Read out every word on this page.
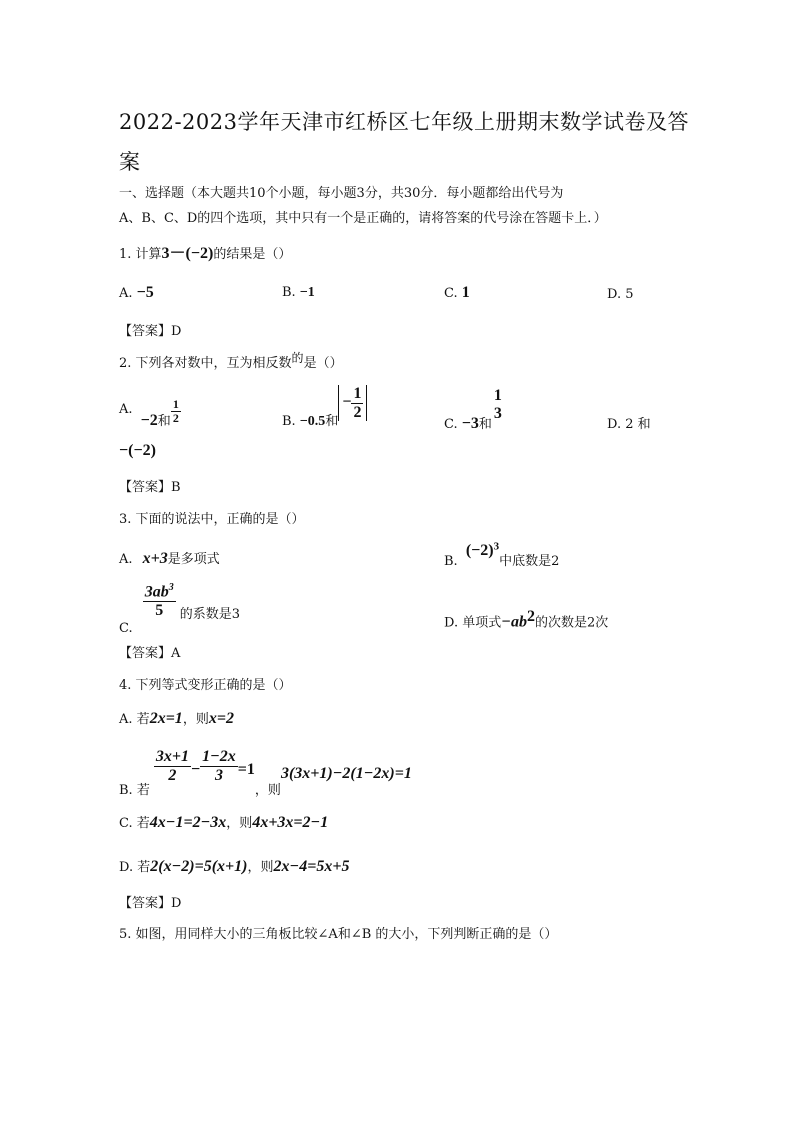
2022-2023学年天津市红桥区七年级上册期末数学试卷及答
案
一、选择题（本大题共10个小题，每小题3分，共30分．每小题都给出代号为
A、B、C、D的四个选项，其中只有一个是正确的，请将答案的代号涂在答题卡上．）
1. 计算3－(−2)的结果是（）
A. −5	B. −1	C. 1	D. 5
【答案】D
2. 下列各对数中，互为相反数的是（）
A. −2和 $\frac{1}{2}$	B. −0.5和− $\frac{1}{2}$
C. −3和
1
3
D. 2 和
−(−2)
【答案】B
3. 下面的说法中，正确的是（）
A. x+3是多项式	B. $(-2)^3$中底数是2
C.
$\frac{3ab^3}{5}$ 的系数是3
D. 单项式$-ab^2$的次数是2次
【答案】A
4. 下列等式变形正确的是（）
A. 若2x=1，则x=2
B. 若
$\frac{3x+1}{2} - \frac{1-2x}{3} =1$，则3(3x+1)−2(1−2x)=1
C. 若4x−1=2−3x，则4x+3x=2−1
D. 若2(x−2)=5(x+1)，则2x−4=5x+5
【答案】D
5. 如图，用同样大小的三角板比较∠A和∠B 的大小，下列判断正确的是（）
